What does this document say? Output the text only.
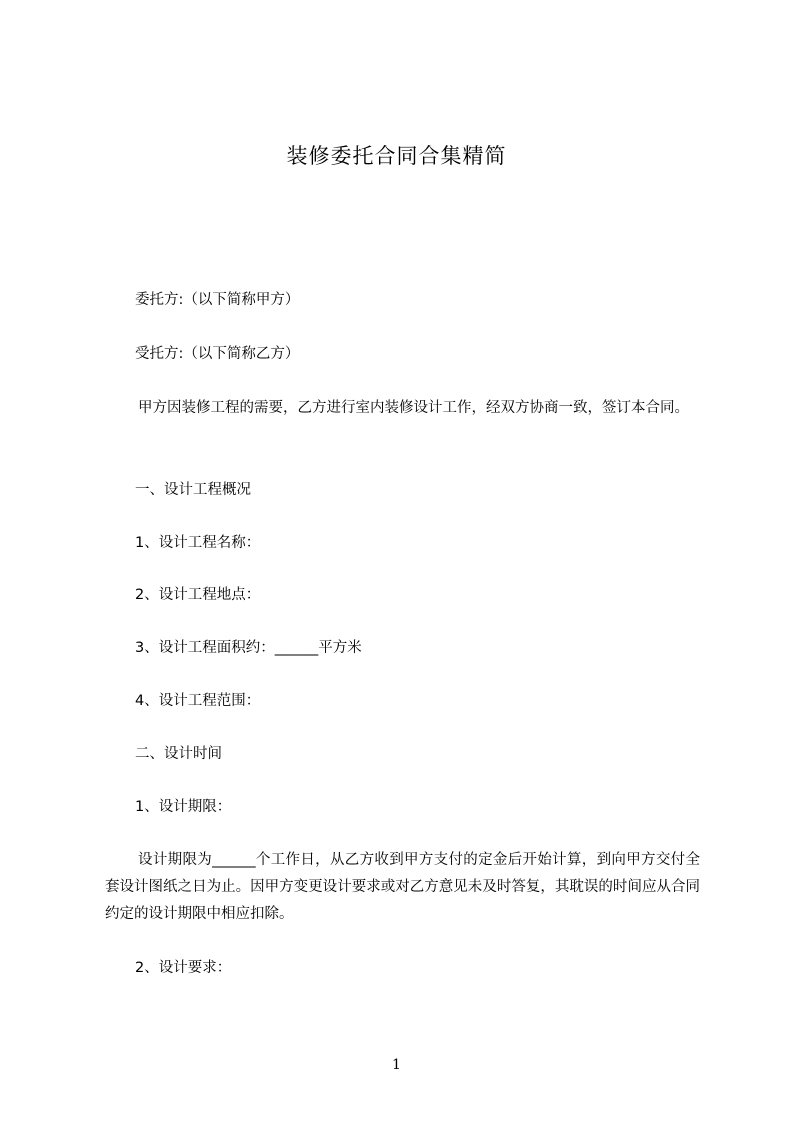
装修委托合同合集精简
委托方:（以下简称甲方）
受托方:（以下简称乙方）
甲方因装修工程的需要，乙方进行室内装修设计工作，经双方协商一致，签订本合同。
一、设计工程概况
1、设计工程名称：
2、设计工程地点：
3、设计工程面积约：______平方米
4、设计工程范围：
二、设计时间
1、设计期限：
设计期限为______个工作日，从乙方收到甲方支付的定金后开始计算，到向甲方交付全套设计图纸之日为止。因甲方变更设计要求或对乙方意见未及时答复，其耽误的时间应从合同约定的设计期限中相应扣除。
2、设计要求：
1
